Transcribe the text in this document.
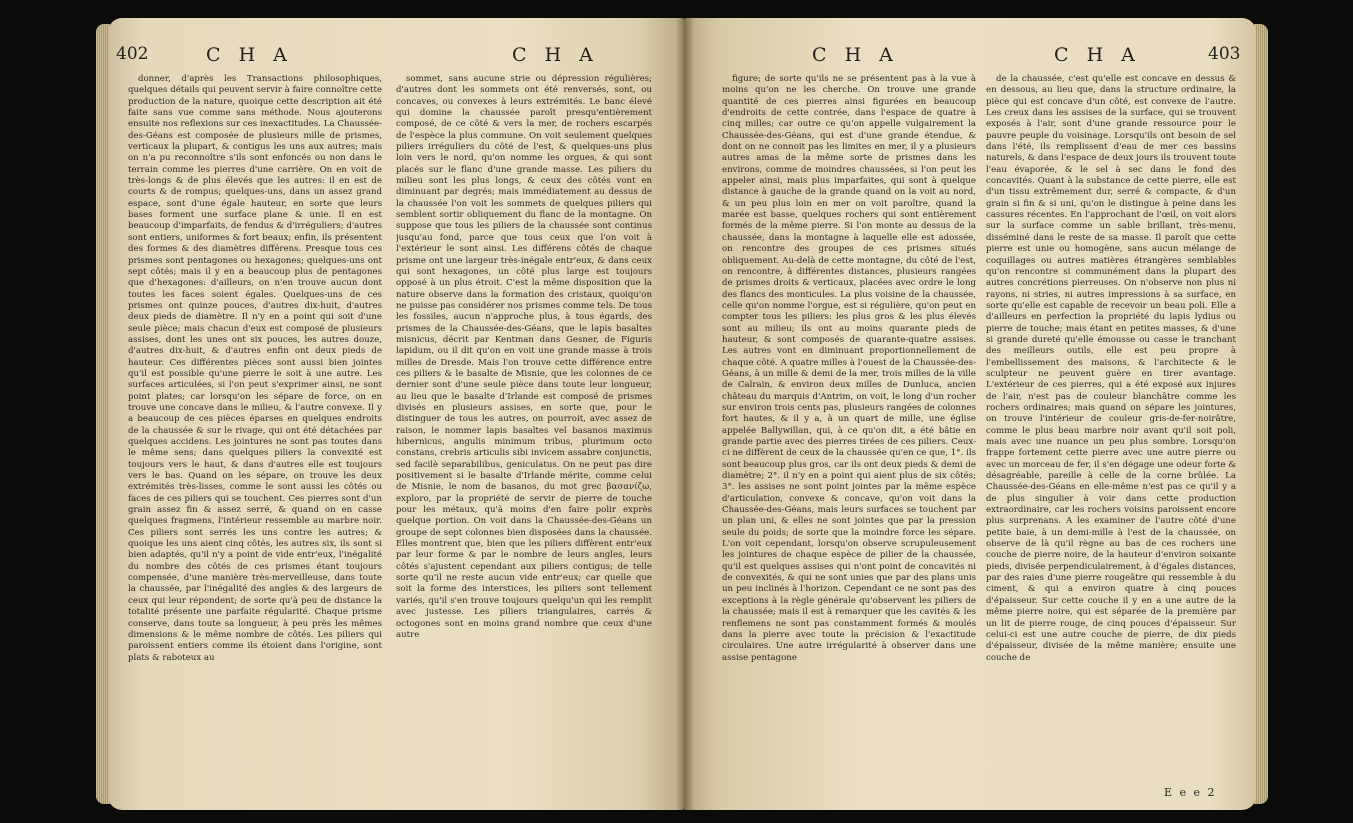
402	C H A	C H A

donner, d'après les Transactions philosophiques, quelques détails qui peuvent servir à faire connoître cette production de la nature, quoique cette description ait été faite sans vue comme sans méthode. Nous ajouterons ensuite nos reflexions sur ces inexactitudes. La Chaussée-des-Géans est composée de plusieurs mille de prismes, verticaux la plupart, & contigus les uns aux autres; mais on n'a pu reconnoître s'ils sont enfoncés ou non dans le terrain comme les pierres d'une carrière. On en voit de très-longs & de plus élevés que les autres: il en est de courts & de rompus; quelques-uns, dans un assez grand espace, sont d'une égale hauteur, en sorte que leurs bases forment une surface plane & unie. Il en est beaucoup d'imparfaits, de fendus & d'irréguliers; d'autres sont entiers, uniformes & fort beaux; enfin, ils présentent des formes & des diamètres différens. Presque tous ces prismes sont pentagones ou hexagones; quelques-uns ont sept côtés; mais il y en a beaucoup plus de pentagones que d'hexagones: d'ailleurs, on n'en trouve aucun dont toutes les faces soient égales. Quelques-uns de ces prismes ont quinze pouces, d'autres dix-huit, d'autres deux pieds de diamètre. Il n'y en a point qui soit d'une seule pièce; mais chacun d'eux est composé de plusieurs assises, dont les unes ont six pouces, les autres douze, d'autres dix-huit, & d'autres enfin ont deux pieds de hauteur. Ces différentes pièces sont aussi bien jointes qu'il est possible qu'une pierre le soit à une autre. Les surfaces articulées, si l'on peut s'exprimer ainsi, ne sont point plates; car lorsqu'on les sépare de force, on en trouve une concave dans le milieu, & l'autre convexe. Il y a beaucoup de ces pièces éparses en quelques endroits de la chaussée & sur le rivage, qui ont été détachées par quelques accidens. Les jointures ne sont pas toutes dans le même sens; dans quelques piliers la convexité est toujours vers le haut, & dans d'autres elle est toujours vers le bas. Quand on les sépare, on trouve les deux extrémités très-lisses, comme le sont aussi les côtés ou faces de ces piliers qui se touchent. Ces pierres sont d'un grain assez fin & assez serré, & quand on en casse quelques fragmens, l'intérieur ressemble au marbre noir. Ces piliers sont serrés les uns contre les autres; & quoique les uns aient cinq côtés, les autres six, ils sont si bien adaptés, qu'il n'y a point de vide entr'eux, l'inégalité du nombre des côtés de ces prismes étant toujours compensée, d'une manière très-merveilleuse, dans toute la chaussée, par l'inégalité des angles & des largeurs de ceux qui leur répondent; de sorte qu'à peu de distance la totalité présente une parfaite régularité. Chaque prisme conserve, dans toute sa longueur, à peu près les mêmes dimensions & le même nombre de côtés. Les piliers qui paroissent entiers comme ils étoient dans l'origine, sont plats & raboteux au

sommet, sans aucune strie ou dépression régulières; d'autres dont les sommets ont été renversés, sont, ou concaves, ou convexes à leurs extrémités. Le banc élevé qui domine la chaussée paroît presqu'entièrement composé, de ce côté & vers la mer, de rochers escarpés de l'espèce la plus commune. On voit seulement quelques piliers irréguliers du côté de l'est, & quelques-uns plus loin vers le nord, qu'on nomme les orgues, & qui sont placés sur le flanc d'une grande masse. Les piliers du milieu sont les plus longs, & ceux des côtés vont en diminuant par degrés; mais immédiatement au dessus de la chaussée l'on voit les sommets de quelques piliers qui semblent sortir obliquement du flanc de la montagne. On suppose que tous les piliers de la chaussée sont continus jusqu'au fond, parce que tous ceux que l'on voit à l'extérieur le sont ainsi. Les différens côtés de chaque prisme ont une largeur très-inégale entr'eux, & dans ceux qui sont hexagones, un côté plus large est toujours opposé à un plus étroit. C'est la même disposition que la nature observe dans la formation des cristaux, quoiqu'on ne puisse pas considérer nos prismes comme tels. De tous les fossiles, aucun n'approche plus, à tous égards, des prismes de la Chaussée-des-Géans, que le lapis basaltes misnicus, décrit par Kentman dans Gesner, de Figuris lapidum, ou il dit qu'on en voit une grande masse à trois milles de Dresde. Mais l'on trouve cette différence entre ces piliers & le basalte de Misnie, que les colonnes de ce dernier sont d'une seule pièce dans toute leur longueur, au lieu que le basalte d'Irlande est composé de prismes divisés en plusieurs assises, en sorte que, pour le distinguer de tous les autres, on pourroit, avec assez de raison, le nommer lapis basaltes vel basanos maximus hibernicus, angulis minimum tribus, plurimum octo constans, crebris articulis sibi invicem assabre conjunctis, sed facilè separabilibus, geniculatus. On ne peut pas dire positivement si le basalte d'Irlande mérite, comme celui de Misnie, le nom de basanos, du mot grec βασανίζω, exploro, par la propriété de servir de pierre de touche pour les métaux, qu'à moins d'en faire polir exprès quelque portion. On voit dans la Chaussée-des-Géans un groupe de sept colonnes bien disposées dans la chaussée. Elles montrent que, bien que les piliers diffèrent entr'eux par leur forme & par le nombre de leurs angles, leurs côtés s'ajustent cependant aux piliers contigus; de telle sorte qu'il ne reste aucun vide entr'eux; car quelle que soit la forme des interstices, les piliers sont tellement variés, qu'il s'en trouve toujours quelqu'un qui les remplit avec justesse. Les piliers triangulaires, carrés & octogones sont en moins grand nombre que ceux d'une autre

C H A	C H A	403

figure; de sorte qu'ils ne se présentent pas à la vue à moins qu'on ne les cherche. On trouve une grande quantité de ces pierres ainsi figurées en beaucoup d'endroits de cette contrée, dans l'espace de quatre à cinq milles; car outre ce qu'on appelle vulgairement la Chaussée-des-Géans, qui est d'une grande étendue, & dont on ne connoit pas les limites en mer, il y a plusieurs autres amas de la même sorte de prismes dans les environs, comme de moindres chaussées, si l'on peut les appeler ainsi, mais plus imparfaites, qui sont à quelque distance à gauche de la grande quand on la voit au nord, & un peu plus loin en mer on voit paroître, quand la marée est basse, quelques rochers qui sont entièrement formés de la même pierre. Si l'on monte au dessus de la chaussée, dans la montagne à laquelle elle est adossée, on rencontre des groupes de ces prismes situés obliquement. Au-delà de cette montagne, du côté de l'est, on rencontre, à différentes distances, plusieurs rangées de prismes droits & verticaux, placées avec ordre le long des flancs des monticules. La plus voisine de la chaussée, celle qu'on nomme l'orgue, est si régulière, qu'on peut en compter tous les piliers: les plus gros & les plus élevés sont au milieu; ils ont au moins quarante pieds de hauteur, & sont composés de quarante-quatre assises. Les autres vont en diminuant proportionnellement de chaque côté. A quatre milles à l'ouest de la Chaussée-des-Géans, à un mille & demi de la mer, trois milles de la ville de Calrain, & environ deux milles de Dunluca, ancien château du marquis d'Antrim, on voit, le long d'un rocher sur environ trois cents pas, plusieurs rangées de colonnes fort hautes, & il y a, à un quart de mille, une église appelée Ballywillan, qui, à ce qu'on dit, a été bâtie en grande partie avec des pierres tirées de ces piliers. Ceux-ci ne diffèrent de ceux de la chaussée qu'en ce que, 1°. ils sont beaucoup plus gros, car ils ont deux pieds & demi de diamètre; 2°. il n'y en a point qui aient plus de six côtés; 3°. les assises ne sont point jointes par la même espèce d'articulation, convexe & concave, qu'on voit dans la Chaussée-des-Géans, mais leurs surfaces se touchent par un plan uni, & elles ne sont jointes que par la pression seule du poids; de sorte que la moindre force les sépare. L'on voit cependant, lorsqu'on observe scrupuleusement les jointures de chaque espèce de pilier de la chaussée, qu'il est quelques assises qui n'ont point de concavités ni de convexités, & qui ne sont unies que par des plans unis un peu inclinés à l'horizon. Cependant ce ne sont pas des exceptions à la règle générale qu'observent les piliers de la chaussée; mais il est à remarquer que les cavités & les renflemens ne sont pas constamment formés & moulés dans la pierre avec toute la précision & l'exactitude circulaires. Une autre irrégularité à observer dans une assise pentagone

de la chaussée, c'est qu'elle est concave en dessus & en dessous, au lieu que, dans la structure ordinaire, la pièce qui est concave d'un côté, est convexe de l'autre. Les creux dans les assises de la surface, qui se trouvent exposés à l'air, sont d'une grande ressource pour le pauvre peuple du voisinage. Lorsqu'ils ont besoin de sel dans l'été, ils remplissent d'eau de mer ces bassins naturels, & dans l'espace de deux jours ils trouvent toute l'eau évaporée, & le sel à sec dans le fond des concavités. Quant à la substance de cette pierre, elle est d'un tissu extrêmement dur, serré & compacte, & d'un grain si fin & si uni, qu'on le distingue à peine dans les cassures récentes. En l'approchant de l'œil, on voit alors sur la surface comme un sable brillant, très-menu, disséminé dans le reste de sa masse. Il paroît que cette pierre est unie ou homogène, sans aucun mélange de coquillages ou autres matières étrangères semblables qu'on rencontre si communément dans la plupart des autres concrétions pierreuses. On n'observe non plus ni rayons, ni stries, ni autres impressions à sa surface, en sorte qu'elle est capable de recevoir un beau poli. Elle a d'ailleurs en perfection la propriété du lapis lydius ou pierre de touche; mais étant en petites masses, & d'une si grande dureté qu'elle émousse ou casse le tranchant des meilleurs outils, elle est peu propre à l'embellissement des maisons, & l'architecte & le sculpteur ne peuvent guère en tirer avantage. L'extérieur de ces pierres, qui a été exposé aux injures de l'air, n'est pas de couleur blanchâtre comme les rochers ordinaires; mais quand on sépare les jointures, on trouve l'intérieur de couleur gris-de-fer-noirâtre, comme le plus beau marbre noir avant qu'il soit poli, mais avec une nuance un peu plus sombre. Lorsqu'on frappe fortement cette pierre avec une autre pierre ou avec un morceau de fer, il s'en dégage une odeur forte & désagréable, pareille à celle de la corne brûlée. La Chaussée-des-Géans en elle-même n'est pas ce qu'il y a de plus singulier à voir dans cette production extraordinaire, car les rochers voisins paroissent encore plus surprenans. A les examiner de l'autre côté d'une petite baie, à un demi-mille à l'est de la chaussée, on observe de là qu'il règne au bas de ces rochers une couche de pierre noire, de la hauteur d'environ soixante pieds, divisée perpendiculairement, à d'égales distances, par des raies d'une pierre rougeâtre qui ressemble à du ciment, & qui a environ quatre à cinq pouces d'épaisseur. Sur cette couche il y en a une autre de la même pierre noire, qui est séparée de la première par un lit de pierre rouge, de cinq pouces d'épaisseur. Sur celui-ci est une autre couche de pierre, de dix pieds d'épaisseur, divisée de la même manière; ensuite une couche de

E e e 2
